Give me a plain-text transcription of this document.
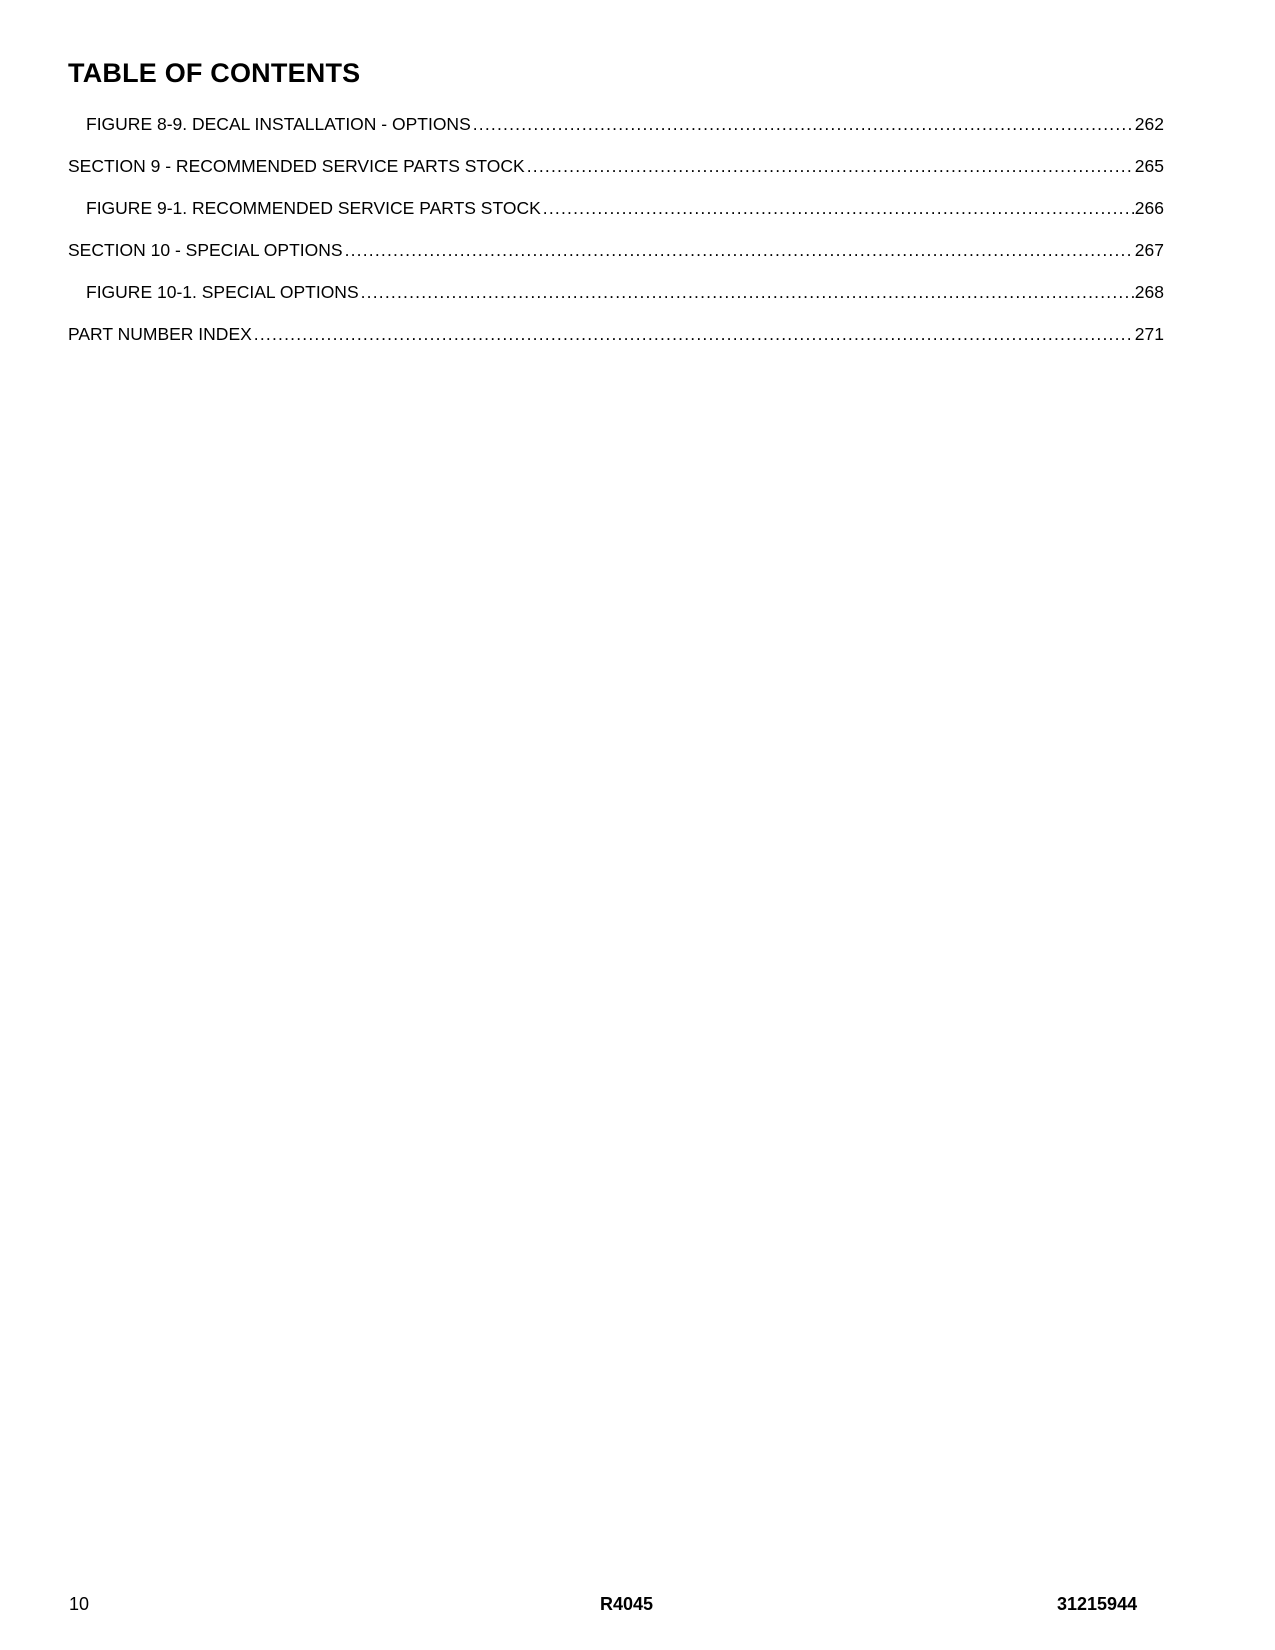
TABLE OF CONTENTS
FIGURE 8-9. DECAL INSTALLATION - OPTIONS .....	262
SECTION 9 - RECOMMENDED SERVICE PARTS STOCK .....	265
FIGURE 9-1. RECOMMENDED SERVICE PARTS STOCK .....	266
SECTION 10 - SPECIAL OPTIONS .....	267
FIGURE 10-1. SPECIAL OPTIONS .....	268
PART NUMBER INDEX .....	271
10	R4045	31215944
